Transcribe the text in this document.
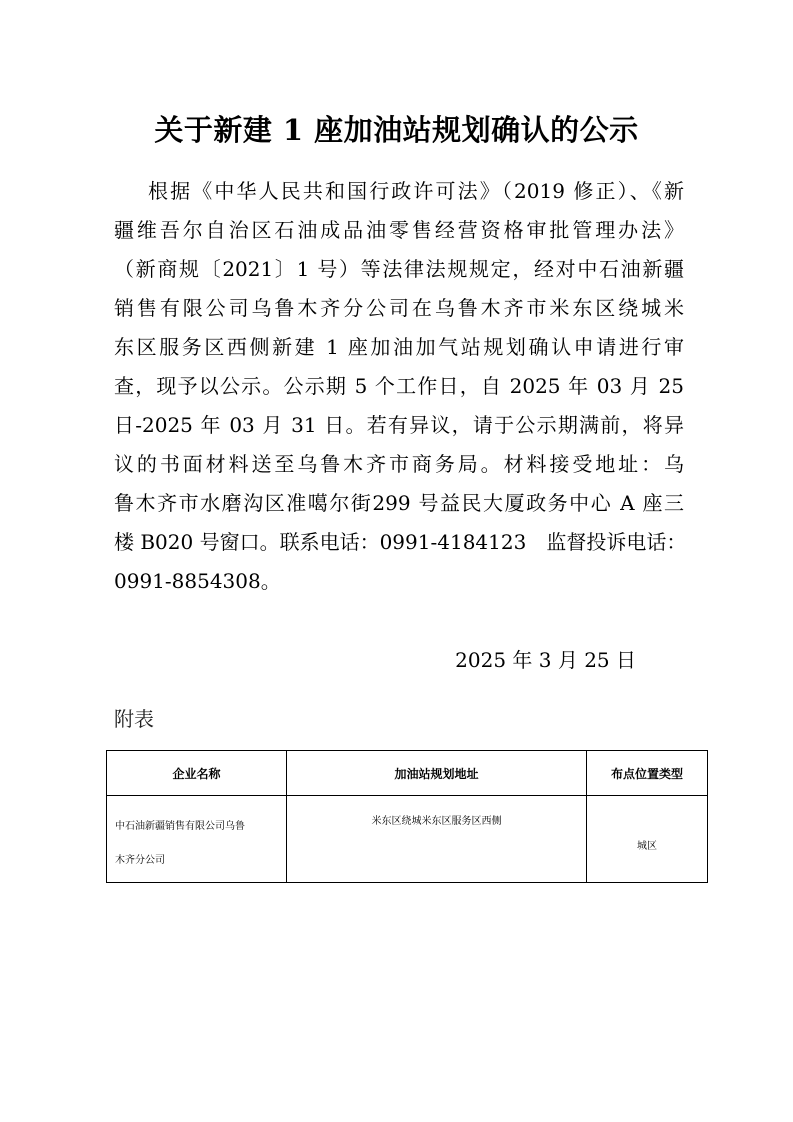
关于新建 1 座加油站规划确认的公示
根据《中华人民共和国行政许可法》（2019 修正）、《新
疆维吾尔自治区石油成品油零售经营资格审批管理办法》
（新商规〔2021〕1 号）等法律法规规定，经对中石油新疆
销售有限公司乌鲁木齐分公司在乌鲁木齐市米东区绕城米
东区服务区西侧新建 1 座加油加气站规划确认申请进行审
查，现予以公示。公示期 5 个工作日，自 2025 年 03 月 25
日-2025 年 03 月 31 日。若有异议，请于公示期满前，将异
议的书面材料送至乌鲁木齐市商务局。材料接受地址：乌
鲁木齐市水磨沟区准噶尔街299 号益民大厦政务中心 A 座三
楼 B020 号窗口。联系电话：0991-4184123　监督投诉电话：
0991-8854308。
2025 年 3 月 25 日
附表
企业名称	加油站规划地址	布点位置类型

中石油新疆销售有限公司乌鲁
木齐分公司	米东区绕城米东区服务区西侧	城区
